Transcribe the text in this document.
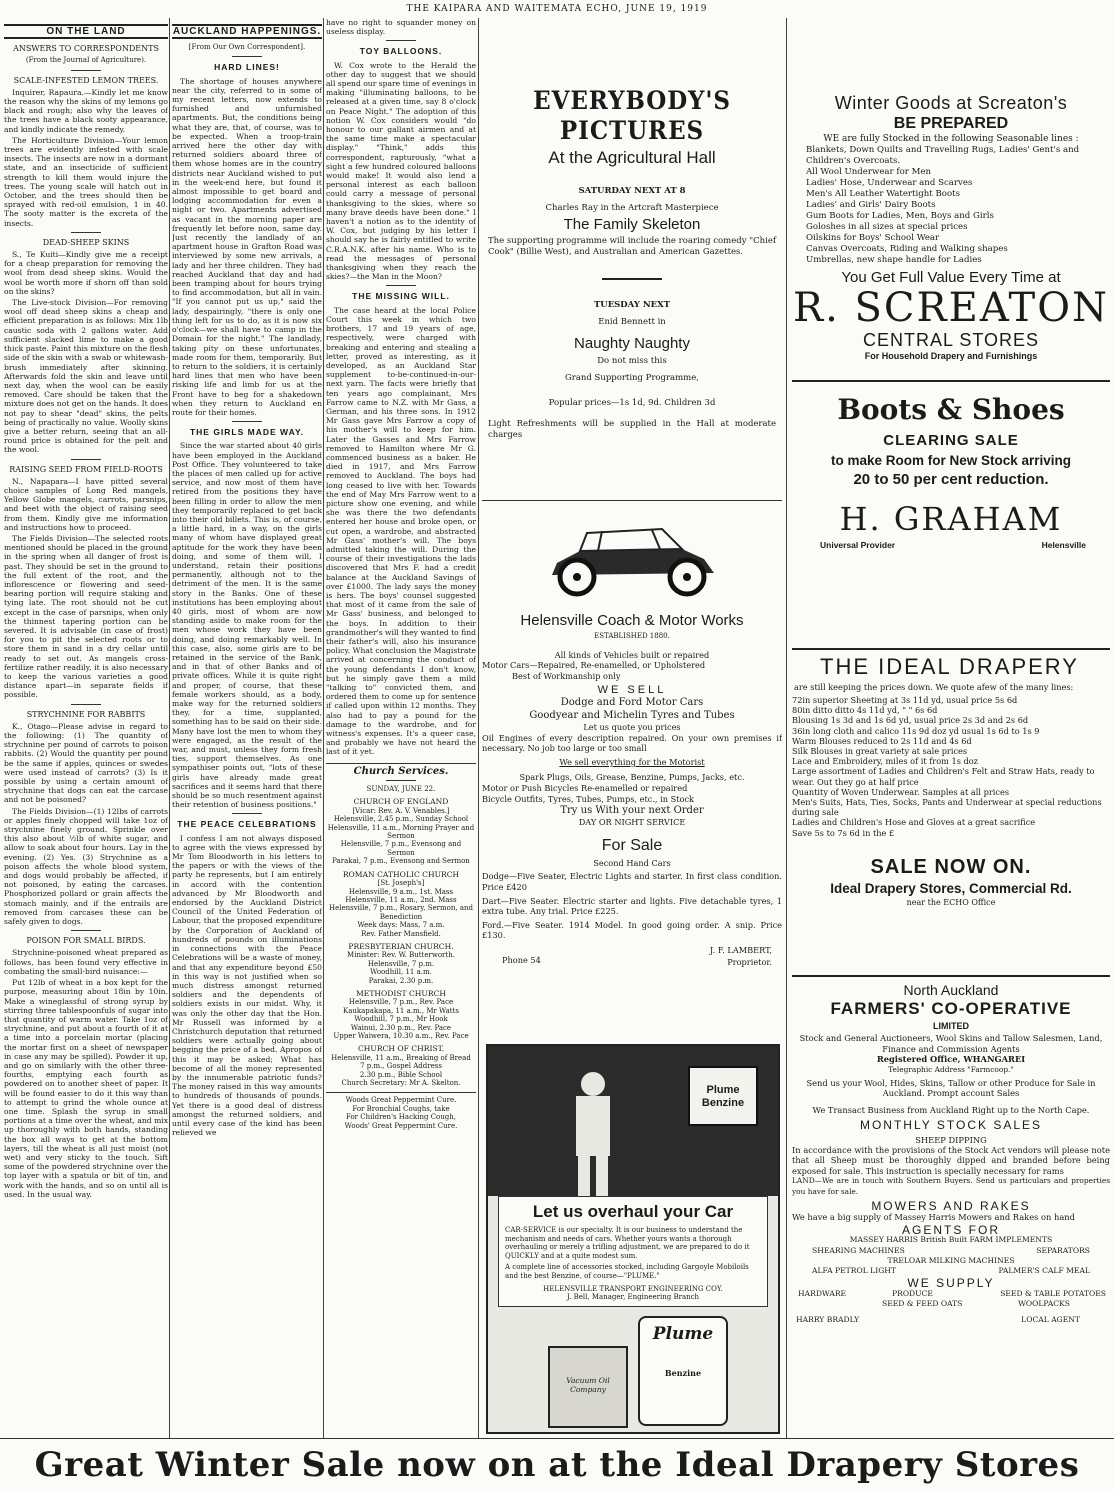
THE KAIPARA AND WAITEMATA ECHO, JUNE 19, 1919
ON THE LAND
ANSWERS TO CORRESPONDENTS
(From the Journal of Agriculture).
SCALE-INFESTED LEMON TREES.

Inquirer, Rapaura.—Kindly let me know the reason why the skins of my lemons go black and rough; also why the leaves of the trees have a black sooty appearance, and kindly indicate the remedy.

The Horticulture Division—Your lemon trees are evidently infested with scale insects. The insects are now in a dormant state, and an insecticide of sufficient strength to kill them would injure the trees. The young scale will hatch out in October, and the trees should then be sprayed with red-oil emulsion, 1 in 40. The sooty matter is the excreta of the insects.

DEAD-SHEEP SKINS

S., Te Kuiti—Kindly give me a receipt for a cheap preparation for removing the wool from dead sheep skins. Would the wool be worth more if shorn off than sold on the skins?

The Live-stock Division—For removing wool off dead sheep skins a cheap and efficient preparation is as follows: Mix 1lb caustic soda with 2 gallons water. Add sufficient slacked lime to make a good thick paste. Paint this mixture on the flesh side of the skin with a swab or whitewash-brush immediately after skinning. Afterwards fold the skin and leave until next day, when the wool can be easily removed. Care should be taken that the mixture does not get on the hands. It does not pay to shear "dead" skins, the pelts being of practically no value. Woolly skins give a better return, seeing that an all-round price is obtained for the pelt and the wool.

RAISING SEED FROM FIELD-ROOTS

N., Napapara—I have pitted several choice samples of Long Red mangels, Yellow Globe mangels, carrots, parsnips, and beet with the object of raising seed from them. Kindly give me information and instructions how to proceed.

The Fields Division—The selected roots mentioned should be placed in the ground in the spring when all danger of frost is past. They should be set in the ground to the full extent of the root, and the inflorescence or flowering and seed-bearing portion will require staking and tying late. The root should not be cut except in the case of parsnips, when only the thinnest tapering portion can be severed. It is advisable (in case of frost) for you to pit the selected roots or to store them in sand in a dry cellar until ready to set out. As mangels cross-fertilize rather readily, it is also necessary to keep the various varieties a good distance apart—in separate fields if possible.

STRYCHNINE FOR RABBITS

K., Otago—Please advise in regard to the following: (1) The quantity of strychnine per pound of carrots to poison rabbits. (2) Would the quantity per pound be the same if apples, quinces or swedes were used instead of carrots? (3) Is it possible by using a certain amount of strychnine that dogs can eat the carcase and not be poisoned?

The Fields Division—(1) 12lbs of carrots or apples finely chopped will take 1oz of strychnine finely ground. Sprinkle over this also about ½lb of white sugar, and allow to soak about four hours. Lay in the evening. (2) Yes. (3) Strychnine as a poison affects the whole blood system, and dogs would probably be affected, if not poisoned, by eating the carcases. Phosphorized pollard or grain affects the stomach mainly, and if the entrails are removed from carcases these can be safely given to dogs.

POISON FOR SMALL BIRDS.

Strychnine-poisoned wheat prepared as follows, has been found very effective in combating the small-bird nuisance:—

Put 12lb of wheat in a box kept for the purpose, measuring about 18in by 10in. Make a wineglassful of strong syrup by stirring three tablespoonfuls of sugar into that quantity of warm water. Take 1oz of strychnine, and put about a fourth of it at a time into a porcelain mortar (placing the mortar first on a sheet of newspaper in case any may be spilled). Powder it up, and go on similarly with the other three-fourths, emptying each fourth as powdered on to another sheet of paper. It will be found easier to do it this way than to attempt to grind the whole ounce at one time. Splash the syrup in small portions at a time over the wheat, and mix up thoroughly with both hands, standing the box all ways to get at the bottom layers, till the wheat is all just moist (not wet) and very sticky to the touch. Sift some of the powdered strychnine over the top layer with a spatula or bit of tin, and work with the hands, and so on until all is used. In the usual way.

AUCKLAND HAPPENINGS.
[From Our Own Correspondent].
HARD LINES!

The shortage of houses anywhere near the city, referred to in some of my recent letters, now extends to furnished and unfurnished apartments. But, the conditions being what they are, that, of course, was to be expected. When a troop-train arrived here the other day with returned soldiers aboard three of them whose homes are in the country districts near Auckland wished to put in the week-end here, but found it almost impossible to get board and lodging accommodation for even a night or two. Apartments advertised as vacant in the morning paper are frequently let before noon, same day. Just recently the landlady of an apartment house in Grafton Road was interviewed by some new arrivals, a lady and her three children. They had reached Auckland that day and had been tramping about for hours trying to find accommodation, but all in vain. "If you cannot put us up," said the lady, despairingly, "there is only one thing left for us to do, as it is now six o'clock—we shall have to camp in the Domain for the night." The landlady, taking pity on these unfortunates, made room for them, temporarily. But to return to the soldiers, it is certainly hard lines that men who have been risking life and limb for us at the Front have to beg for a shakedown when they return to Auckland en route for their homes.

THE GIRLS MADE WAY.

Since the war started about 40 girls have been employed in the Auckland Post Office. They volunteered to take the places of men called up for active service, and now most of them have retired from the positions they have been filling in order to allow the men they temporarily replaced to get back into their old billets. This is, of course, a little hard, in a way, on the girls many of whom have displayed great aptitude for the work they have been doing, and some of them will, I understand, retain their positions permanently, although not to the detriment of the men. It is the same story in the Banks. One of these institutions has been employing about 40 girls, most of whom are now standing aside to make room for the men whose work they have been doing, and doing remarkably well. In this case, also, some girls are to be retained in the service of the Bank, and in that of other Banks and of private offices. While it is quite right and proper, of course, that these female workers should, as a body, make way for the returned soldiers they, for a time, supplanted, something has to be said on their side. Many have lost the men to whom they were engaged, as the result of the war, and must, unless they form fresh ties, support themselves. As one sympathiser points out, "lots of these girls have already made great sacrifices and it seems hard that there should be so much resentment against their retention of business positions."

THE PEACE CELEBRATIONS

I confess I am not always disposed to agree with the views expressed by Mr Tom Bloodworth in his letters to the papers or with the views of the party he represents, but I am entirely in accord with the contention advanced by Mr Bloodworth and endorsed by the Auckland District Council of the United Federation of Labour, that the proposed expenditure by the Corporation of Auckland of hundreds of pounds on illuminations in connections with the Peace Celebrations will be a waste of money, and that any expenditure beyond £50 in this way is not justified when so much distress amongst returned soldiers and the dependents of soldiers exists in our midst. Why, it was only the other day that the Hon. Mr Russell was informed by a Christchurch deputation that returned soldiers were actually going about begging the price of a bed. Apropos of this it may be asked; What has become of all the money represented by the innumerable patriotic funds? The money raised in this way amounts to hundreds of thousands of pounds. Yet there is a good deal of distress amongst the returned soldiers, and until every case of the kind has been relieved we

have no right to squander money on useless display.

TOY BALLOONS.

W. Cox wrote to the Herald the other day to suggest that we should all spend our spare time of evenings in making "illuminating balloons, to be released at a given time, say 8 o'clock on Peace Night." The adoption of this notion W. Cox considers would "do honour to our gallant airmen and at the same time make a spectacular display." "Think," adds this correspondent, rapturously, "what a sight a few hundred coloured balloons would make! It would also lend a personal interest as each balloon could carry a message of personal thanksgiving to the skies, where so many brave deeds have been done." I haven't a notion as to the identity of W. Cox, but judging by his letter I should say he is fairly entitled to write C.R.A.N.K. after his name. Who is to read the messages of personal thanksgiving when they reach the skies?—the Man in the Moon?

THE MISSING WILL.

The case heard at the local Police Court this week in which two brothers, 17 and 19 years of age, respectively, were charged with breaking and entering and stealing a letter, proved as interesting, as it developed, as an Auckland Star supplement to-be-continued-in-our-next yarn. The facts were briefly that ten years ago complainant, Mrs Farrow came to N.Z. with Mr Gass, a German, and his three sons. In 1912 Mr Gass gave Mrs Farrow a copy of his mother's will to keep for him. Later the Gasses and Mrs Farrow removed to Hamilton where Mr G. commenced business as a baker. He died in 1917, and Mrs Farrow removed to Auckland. The boys had long ceased to live with her. Towards the end of May Mrs Farrow went to a picture show one evening, and while she was there the two defendants entered her house and broke open, or cut open, a wardrobe, and abstracted Mr Gass' mother's will. The boys admitted taking the will. During the course of their investigations the lads discovered that Mrs F. had a credit balance at the Auckland Savings of over £1000. The lady says the money is hers. The boys' counsel suggested that most of it came from the sale of Mr Gass' business, and belonged to the boys. In addition to their grandmother's will they wanted to find their father's will, also his insurance policy. What conclusion the Magistrate arrived at concerning the conduct of the young defendants I don't know, but he simply gave them a mild "talking to" convicted them, and ordered them to come up for sentence if called upon within 12 months. They also had to pay a pound for the damage to the wardrobe, and for witness's expenses. It's a queer case, and probably we have not heard the last of it yet.

Church Services.
SUNDAY, JUNE 22.
CHURCH OF ENGLAND
[Vicar: Rev. A. V. Venables.]
Helensville, 2.45 p.m., Sunday School
Helensville, 11 a.m., Morning Prayer and Sermon
Helensville, 7 p.m., Evensong and Sermon
Parakai, 7 p.m., Evensong and Sermon
ROMAN CATHOLIC CHURCH
[St. Joseph's]
Helensville, 9 a.m., 1st. Mass
Helensville, 11 a.m., 2nd. Mass
Helensville, 7 p.m., Rosary, Sermon, and Benediction
Week days: Mass, 7 a.m.
Rev. Father Mansfield.
PRESBYTERIAN CHURCH.
Minister: Rev. W. Butterworth.
Helensville, 7 p.m.
Woodhill, 11 a.m.
Parakai, 2.30 p.m.
METHODIST CHURCH
Helensville, 7 p.m., Rev. Pace
Kaukapakapa, 11 a.m., Mr Watts
Woodhill, 7 p.m., Mr Hook
Wainui, 2.30 p.m., Rev. Pace
Upper Waiwera, 10.30 a.m., Rev. Pace
CHURCH OF CHRIST.
Helensville, 11 a.m., Breaking of Bread
7 p.m., Gospel Address
2.30 p.m., Bible School
Church Secretary: Mr A. Skelton.
Woods Great Peppermint Cure.
For Bronchial Coughs, take
For Children's Hacking Cough,
Woods' Great Peppermint Cure.
EVERYBODY'S PICTURES
At the Agricultural Hall
SATURDAY NEXT AT 8
Charles Ray in the Artcraft Masterpiece
The Family Skeleton
The supporting programme will include the roaring comedy "Chief Cook" (Billie West), and Australian and American Gazettes.
TUESDAY NEXT
Enid Bennett in
Naughty Naughty
Do not miss this
Grand Supporting Programme,
Popular prices—1s 1d, 9d. Children 3d
Light Refreshments will be supplied in the Hall at moderate charges
Helensville Coach & Motor Works
ESTABLISHED 1880.
All kinds of Vehicles built or repaired
Motor Cars—Repaired, Re-enamelled, or Upholstered
Best of Workmanship only
WE SELL
Dodge and Ford Motor Cars
Goodyear and Michelin Tyres and Tubes
Let us quote you prices
Oil Engines of every description repaired. On your own premises if necessary. No job too large or too small
We sell everything for the Motorist
Spark Plugs, Oils, Grease, Benzine, Pumps, Jacks, etc.
Motor or Push Bicycles Re-enamelled or repaired
Bicycle Outfits, Tyres, Tubes, Pumps, etc., in Stock
Try us With your next Order
DAY OR NIGHT SERVICE
For Sale
Second Hand Cars
Dodge—Five Seater, Electric Lights and starter. In first class condition. Price £420
Dart—Five Seater. Electric starter and lights. Five detachable tyres, 1 extra tube. Any trial. Price £225.
Ford.—Five Seater. 1914 Model. In good going order. A snip. Price £130.
Phone 54
J. F. LAMBERT,
Proprietor.
Plume Benzine
Let us overhaul your Car
CAR-SERVICE is our specialty. It is our business to understand the mechanism and needs of cars. Whether yours wants a thorough overhauling or merely a trifling adjustment, we are prepared to do it QUICKLY and at a quite modest sum.
A complete line of accessories stocked, including Gargoyle Mobiloils and the best Benzine, of course—"PLUME."
HELENSVILLE TRANSPORT ENGINEERING COY.
J. Bell, Manager, Engineering Branch
Plume
Benzine
Vacuum Oil Company
Winter Goods at Screaton's
BE PREPARED
WE are fully Stocked in the following Seasonable lines :
Blankets, Down Quilts and Travelling Rugs, Ladies' Gent's and Children's Overcoats.
All Wool Underwear for Men
Ladies' Hose, Underwear and Scarves
Men's All Leather Watertight Boots
Ladies' and Girls' Dairy Boots
Gum Boots for Ladies, Men, Boys and Girls
Goloshes in all sizes at special prices
Oilskins for Boys' School Wear
Canvas Overcoats, Riding and Walking shapes
Umbrellas, new shape handle for Ladies
You Get Full Value Every Time at
R. SCREATON
CENTRAL STORES
For Household Drapery and Furnishings
Boots & Shoes
CLEARING SALE
to make Room for New Stock arriving
20 to 50 per cent reduction.
H. GRAHAM
Universal Provider	Helensville
THE IDEAL DRAPERY
are still keeping the prices down. We quote afew of the many lines:
72in superior Sheeting at 3s 11d yd, usual price 5s 6d
80in ditto ditto 4s 11d yd, " " 6s 6d
Blousing 1s 3d and 1s 6d yd, usual price 2s 3d and 2s 6d
36in long cloth and calico 11s 9d doz yd usual 1s 6d to 1s 9
Warm Blouses reduced to 2s 11d and 4s 6d
Silk Blouses in great variety at sale prices
Lace and Embroidery, miles of it from 1s doz
Large assortment of Ladies and Children's Felt and Straw Hats, ready to wear. Out they go at half price
Quantity of Woven Underwear. Samples at all prices
Men's Suits, Hats, Ties, Socks, Pants and Underwear at special reductions during sale
Ladies and Children's Hose and Gloves at a great sacrifice
Save 5s to 7s 6d in the £
SALE NOW ON.
Ideal Drapery Stores, Commercial Rd.
near the ECHO Office
North Auckland
FARMERS' CO-OPERATIVE
LIMITED
Stock and General Auctioneers, Wool Skins and Tallow Salesmen, Land, Finance and Commission Agents
Registered Office, WHANGAREI
Telegraphic Address "Farmcoop."
Send us your Wool, Hides, Skins, Tallow or other Produce for Sale in Auckland. Prompt account Sales
We Transact Business from Auckland Right up to the North Cape.
MONTHLY STOCK SALES
SHEEP DIPPING
In accordance with the provisions of the Stock Act vendors will please note that all Sheep must be thoroughly dipped and branded before being exposed for sale. This instruction is specially necessary for rams
LAND—We are in touch with Southern Buyers. Send us particulars and properties you have for sale.
MOWERS AND RAKES
We have a big supply of Massey Harris Mowers and Rakes on hand
AGENTS FOR
MASSEY HARRIS British Built FARM IMPLEMENTS
SHEARING MACHINES	SEPARATORS
TRELOAR MILKING MACHINES
ALFA PETROL LIGHT	PALMER'S CALF MEAL
WE SUPPLY
HARDWARE	PRODUCE	SEED & TABLE POTATOES
SEED & FEED OATS	WOOLPACKS
HARRY BRADLY	LOCAL AGENT
Great Winter Sale now on at the Ideal Drapery Stores
